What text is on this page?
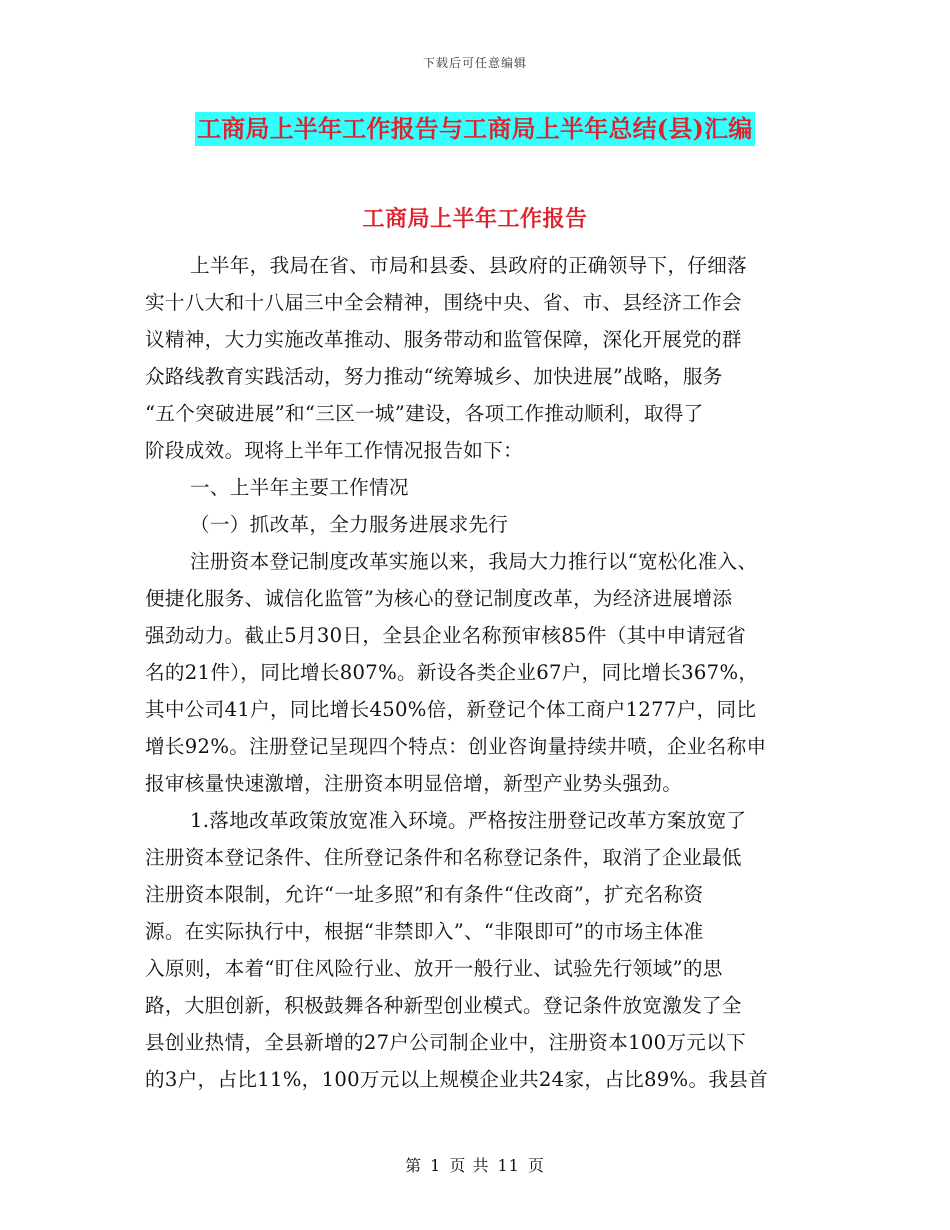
下载后可任意编辑
工商局上半年工作报告与工商局上半年总结(县)汇编
工商局上半年工作报告
上半年，我局在省、市局和县委、县政府的正确领导下，仔细落
实十八大和十八届三中全会精神，围绕中央、省、市、县经济工作会
议精神，大力实施改革推动、服务带动和监管保障，深化开展党的群
众路线教育实践活动，努力推动“统筹城乡、加快进展”战略，服务
“五个突破进展”和“三区一城”建设，各项工作推动顺利，取得了
阶段成效。现将上半年工作情况报告如下：
一、上半年主要工作情况
（一）抓改革，全力服务进展求先行
注册资本登记制度改革实施以来，我局大力推行以“宽松化准入、
便捷化服务、诚信化监管”为核心的登记制度改革，为经济进展增添
强劲动力。截止5月30日，全县企业名称预审核85件（其中申请冠省
名的21件），同比增长807%。新设各类企业67户，同比增长367%，
其中公司41户，同比增长450%倍，新登记个体工商户1277户，同比
增长92%。注册登记呈现四个特点：创业咨询量持续井喷，企业名称申
报审核量快速激增，注册资本明显倍增，新型产业势头强劲。
1.落地改革政策放宽准入环境。严格按注册登记改革方案放宽了
注册资本登记条件、住所登记条件和名称登记条件，取消了企业最低
注册资本限制，允许“一址多照”和有条件“住改商”，扩充名称资
源。在实际执行中，根据“非禁即入”、“非限即可”的市场主体准
入原则，本着“盯住风险行业、放开一般行业、试验先行领域”的思
路，大胆创新，积极鼓舞各种新型创业模式。登记条件放宽激发了全
县创业热情，全县新增的27户公司制企业中，注册资本100万元以下
的3户，占比11%，100万元以上规模企业共24家，占比89%。我县首
第 1 页 共 11 页
